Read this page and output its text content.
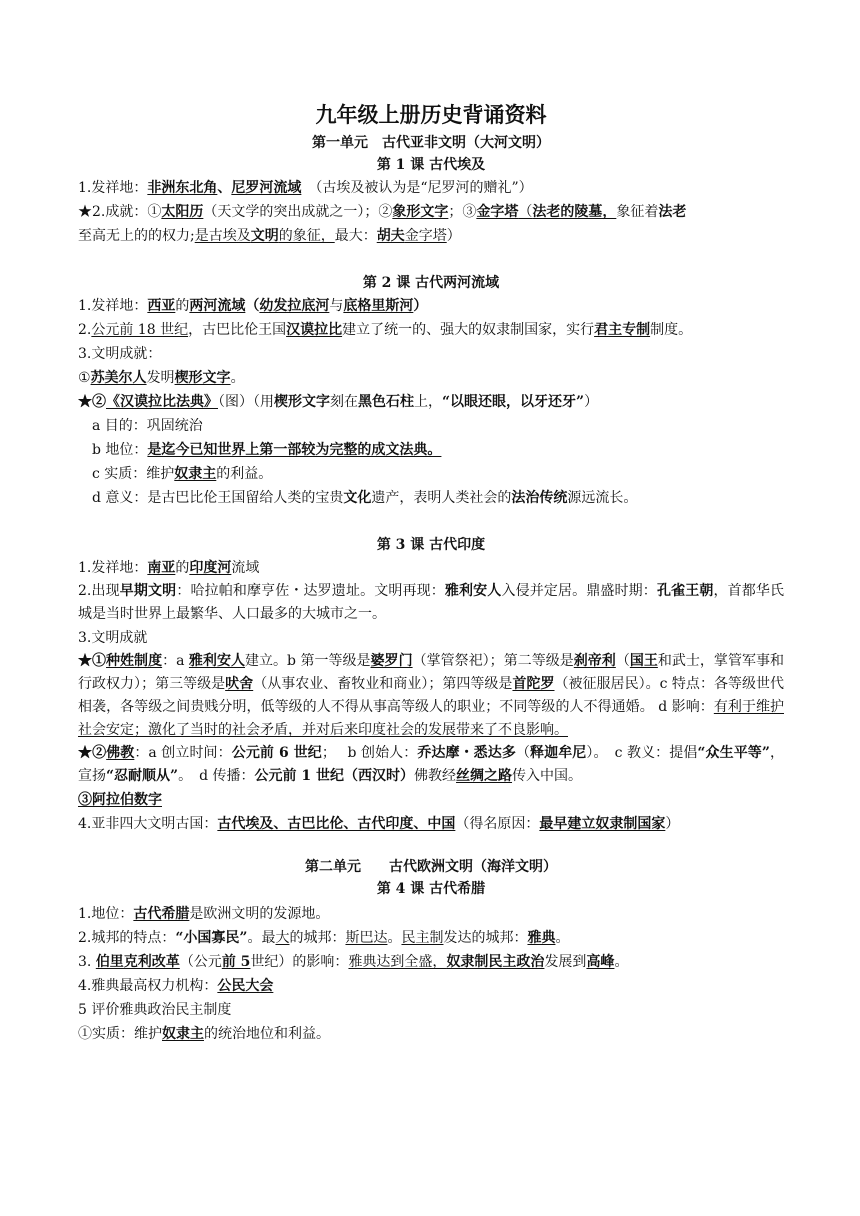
九年级上册历史背诵资料
第一单元　古代亚非文明（大河文明）
第 1 课 古代埃及
1.发祥地：非洲东北角、尼罗河流域　（古埃及被认为是“尼罗河的赠礼”）
★2.成就：①太阳历（天文学的突出成就之一）；②象形文字；③金字塔（法老的陵墓，象征着法老
至高无上的的权力;是古埃及文明的象征，最大：胡夫金字塔）
第 2 课 古代两河流域
1.发祥地：西亚的两河流域（幼发拉底河与底格里斯河）
2.公元前 18 世纪，古巴比伦王国汉谟拉比建立了统一的、强大的奴隶制国家，实行君主专制制度。
3.文明成就：
①苏美尔人发明楔形文字。
★②《汉谟拉比法典》（图）（用楔形文字刻在黑色石柱上，“以眼还眼，以牙还牙”）
a 目的：巩固统治
b 地位：是迄今已知世界上第一部较为完整的成文法典。
c 实质：维护奴隶主的利益。
d 意义：是古巴比伦王国留给人类的宝贵文化遗产，表明人类社会的法治传统源远流长。
第 3 课 古代印度
1.发祥地：南亚的印度河流域
2.出现早期文明：哈拉帕和摩亨佐・达罗遗址。文明再现：雅利安人入侵并定居。鼎盛时期：孔雀王朝，首都华氏城是当时世界上最繁华、人口最多的大城市之一。
3.文明成就
★①种姓制度：a 雅利安人建立。b 第一等级是婆罗门（掌管祭祀）；第二等级是刹帝利（国王和武士，掌管军事和行政权力）；第三等级是吠舍（从事农业、畜牧业和商业）；第四等级是首陀罗（被征服居民）。c 特点：各等级世代相袭，各等级之间贵贱分明，低等级的人不得从事高等级人的职业；不同等级的人不得通婚。 d 影响：有利于维护社会安定；激化了当时的社会矛盾，并对后来印度社会的发展带来了不良影响。
★②佛教：a 创立时间：公元前 6 世纪；　 b 创始人：乔达摩・悉达多（释迦牟尼）。　c 教义：提倡“众生平等”，宣扬“忍耐顺从”。　d 传播：公元前 1 世纪（西汉时）佛教经丝绸之路传入中国。
③阿拉伯数字
4.亚非四大文明古国：古代埃及、古巴比伦、古代印度、中国（得名原因：最早建立奴隶制国家）
第二单元　　古代欧洲文明（海洋文明）
第 4 课 古代希腊
1.地位：古代希腊是欧洲文明的发源地。
2.城邦的特点：“小国寡民”。最大的城邦：斯巴达。民主制发达的城邦：雅典。
3. 伯里克利改革（公元前 5世纪）的影响：雅典达到全盛，奴隶制民主政治发展到高峰。
4.雅典最高权力机构：公民大会
5 评价雅典政治民主制度
①实质：维护奴隶主的统治地位和利益。
